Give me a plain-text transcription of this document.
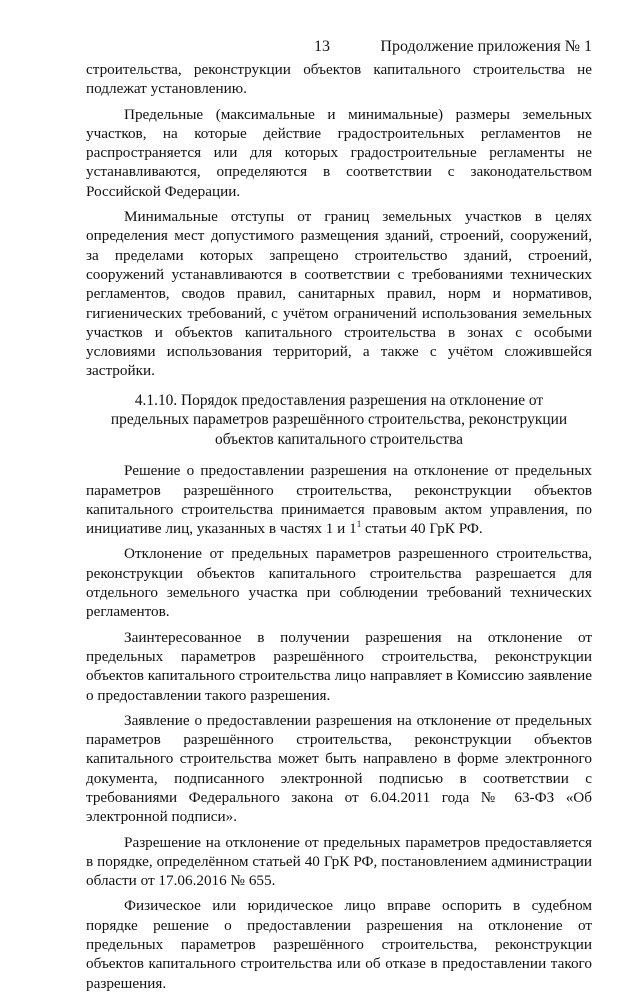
13	Продолжение приложения № 1

строительства, реконструкции объектов капитального строительства не подлежат установлению.

Предельные (максимальные и минимальные) размеры земельных участков, на которые действие градостроительных регламентов не распространяется или для которых градостроительные регламенты не устанавливаются, определяются в соответствии с законодательством Российской Федерации.

Минимальные отступы от границ земельных участков в целях определения мест допустимого размещения зданий, строений, сооружений, за пределами которых запрещено строительство зданий, строений, сооружений устанавливаются в соответствии с требованиями технических регламентов, сводов правил, санитарных правил, норм и нормативов, гигиенических требований, с учётом ограничений использования земельных участков и объектов капитального строительства в зонах с особыми условиями использования территорий, а также с учётом сложившейся застройки.

4.1.10. Порядок предоставления разрешения на отклонение от предельных параметров разрешённого строительства, реконструкции объектов капитального строительства

Решение о предоставлении разрешения на отклонение от предельных параметров разрешённого строительства, реконструкции объектов капитального строительства принимается правовым актом управления, по инициативе лиц, указанных в частях 1 и $1^1$ статьи 40 ГрК РФ.

Отклонение от предельных параметров разрешенного строительства, реконструкции объектов капитального строительства разрешается для отдельного земельного участка при соблюдении требований технических регламентов.

Заинтересованное в получении разрешения на отклонение от предельных параметров разрешённого строительства, реконструкции объектов капитального строительства лицо направляет в Комиссию заявление о предоставлении такого разрешения.

Заявление о предоставлении разрешения на отклонение от предельных параметров разрешённого строительства, реконструкции объектов капитального строительства может быть направлено в форме электронного документа, подписанного электронной подписью в соответствии с требованиями Федерального закона от 6.04.2011 года № 63-ФЗ «Об электронной подписи».

Разрешение на отклонение от предельных параметров предоставляется в порядке, определённом статьей 40 ГрК РФ, постановлением администрации области от 17.06.2016 № 655.

Физическое или юридическое лицо вправе оспорить в судебном порядке решение о предоставлении разрешения на отклонение от предельных параметров разрешённого строительства, реконструкции объектов капитального строительства или об отказе в предоставлении такого разрешения.
